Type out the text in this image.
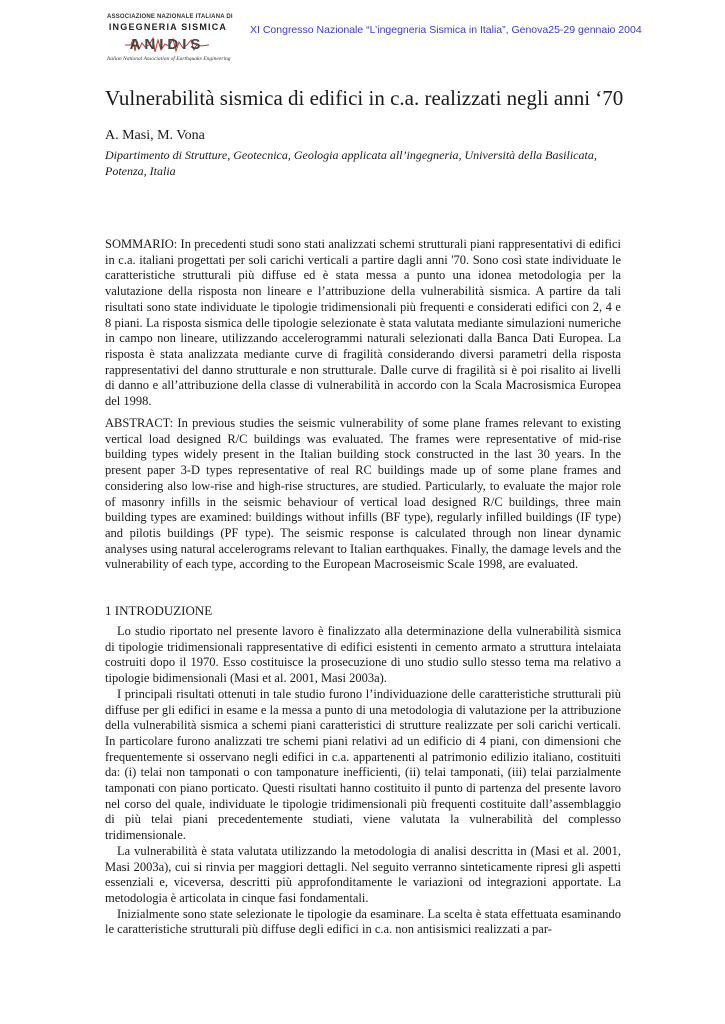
ASSOCIAZIONE NAZIONALE ITALIANA DI
INGEGNERIA SISMICA
ANIDIS
Italian National Association of Earthquake Engineering
XI Congresso Nazionale “L’ingegneria Sismica in Italia”, Genova25-29 gennaio 2004
Vulnerabilità sismica di edifici in c.a. realizzati negli anni ‘70
A. Masi, M. Vona
Dipartimento di Strutture, Geotecnica, Geologia applicata all’ingegneria, Università della Basilicata, Potenza, Italia

SOMMARIO: In precedenti studi sono stati analizzati schemi strutturali piani rappresentativi di edifici in c.a. italiani progettati per soli carichi verticali a partire dagli anni '70. Sono così state individuate le caratteristiche strutturali più diffuse ed è stata messa a punto una idonea metodologia per la valutazione della risposta non lineare e l’attribuzione della vulnerabilità sismica. A partire da tali risultati sono state individuate le tipologie tridimensionali più frequenti e considerati edifici con 2, 4 e 8 piani. La risposta sismica delle tipologie selezionate è stata valutata mediante simulazioni numeriche in campo non lineare, utilizzando accelerogrammi naturali selezionati dalla Banca Dati Europea. La risposta è stata analizzata mediante curve di fragilità considerando diversi parametri della risposta rappresentativi del danno strutturale e non strutturale. Dalle curve di fragilità si è poi risalito ai livelli di danno e all’attribuzione della classe di vulnerabilità in accordo con la Scala Macrosismica Europea del 1998.

ABSTRACT: In previous studies the seismic vulnerability of some plane frames relevant to existing vertical load designed R/C buildings was evaluated. The frames were representative of mid-rise building types widely present in the Italian building stock constructed in the last 30 years. In the present paper 3-D types representative of real RC buildings made up of some plane frames and considering also low-rise and high-rise structures, are studied. Particularly, to evaluate the major role of masonry infills in the seismic behaviour of vertical load designed R/C buildings, three main building types are examined: buildings without infills (BF type), regularly infilled buildings (IF type) and pilotis buildings (PF type). The seismic response is calculated through non linear dynamic analyses using natural accelerograms relevant to Italian earthquakes. Finally, the damage levels and the vulnerability of each type, according to the European Macroseismic Scale 1998, are evaluated.

1 INTRODUZIONE

Lo studio riportato nel presente lavoro è finalizzato alla determinazione della vulnerabilità sismica di tipologie tridimensionali rappresentative di edifici esistenti in cemento armato a struttura intelaiata costruiti dopo il 1970. Esso costituisce la prosecuzione di uno studio sullo stesso tema ma relativo a tipologie bidimensionali (Masi et al. 2001, Masi 2003a).

I principali risultati ottenuti in tale studio furono l’individuazione delle caratteristiche strutturali più diffuse per gli edifici in esame e la messa a punto di una metodologia di valutazione per la attribuzione della vulnerabilità sismica a schemi piani caratteristici di strutture realizzate per soli carichi verticali. In particolare furono analizzati tre schemi piani relativi ad un edificio di 4 piani, con dimensioni che frequentemente si osservano negli edifici in c.a. appartenenti al patrimonio edilizio italiano, costituiti da: (i) telai non tamponati o con tamponature inefficienti, (ii) telai tamponati, (iii) telai parzialmente tamponati con piano porticato. Questi risultati hanno costituito il punto di partenza del presente lavoro nel corso del quale, individuate le tipologie tridimensionali più frequenti costituite dall’assemblaggio di più telai piani precedentemente studiati, viene valutata la vulnerabilità del complesso tridimensionale.

La vulnerabilità è stata valutata utilizzando la metodologia di analisi descritta in (Masi et al. 2001, Masi 2003a), cui si rinvia per maggiori dettagli. Nel seguito verranno sinteticamente ripresi gli aspetti essenziali e, viceversa, descritti più approfonditamente le variazioni od integrazioni apportate. La metodologia è articolata in cinque fasi fondamentali.

Inizialmente sono state selezionate le tipologie da esaminare. La scelta è stata effettuata esaminando le caratteristiche strutturali più diffuse degli edifici in c.a. non antisismici realizzati a par-
